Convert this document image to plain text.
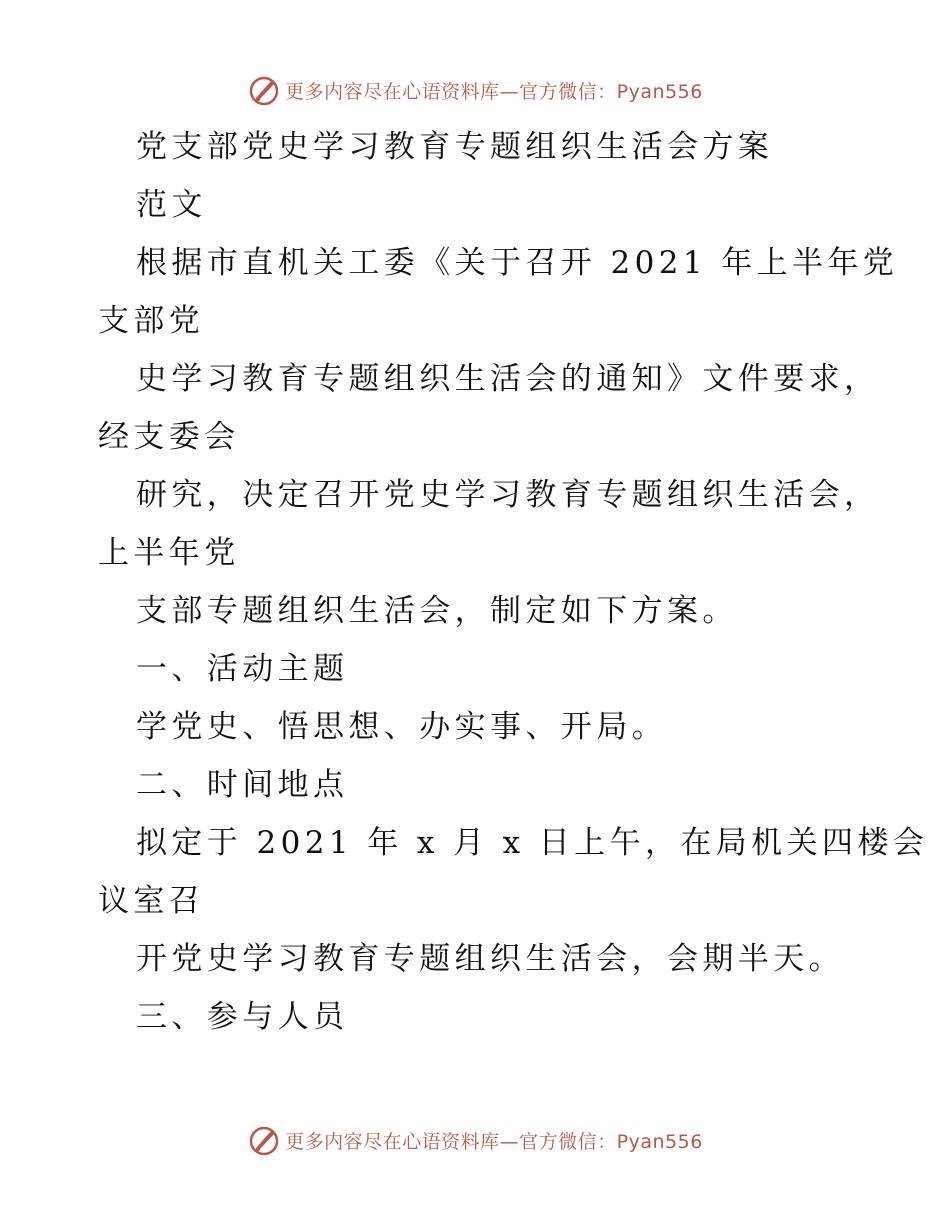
更多内容尽在心语资料库—官方微信：Pyan556
党支部党史学习教育专题组织生活会方案
范文
根据市直机关工委《关于召开 2021 年上半年党
支部党
史学习教育专题组织生活会的通知》文件要求，
经支委会
研究，决定召开党史学习教育专题组织生活会，
上半年党
支部专题组织生活会，制定如下方案。
一、活动主题
学党史、悟思想、办实事、开局。
二、时间地点
拟定于 2021 年 x 月 x 日上午，在局机关四楼会
议室召
开党史学习教育专题组织生活会，会期半天。
三、参与人员
更多内容尽在心语资料库—官方微信：Pyan556
